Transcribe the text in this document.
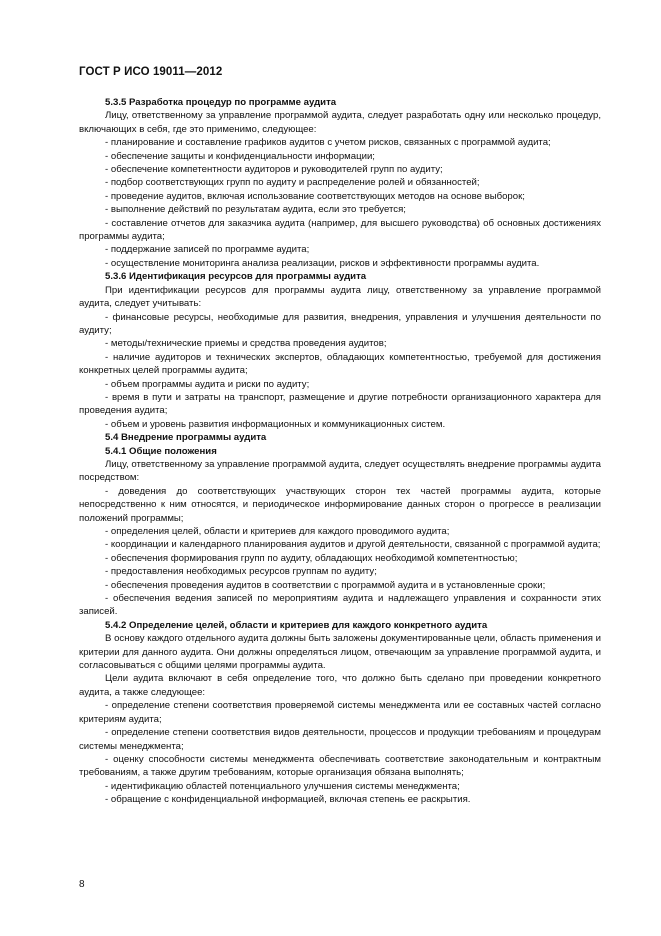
ГОСТ Р ИСО 19011—2012

5.3.5 Разработка процедур по программе аудита

Лицу, ответственному за управление программой аудита, следует разработать одну или несколько процедур, включающих в себя, где это применимо, следующее:

- планирование и составление графиков аудитов с учетом рисков, связанных с программой аудита;

- обеспечение защиты и конфиденциальности информации;

- обеспечение компетентности аудиторов и руководителей групп по аудиту;

- подбор соответствующих групп по аудиту и распределение ролей и обязанностей;

- проведение аудитов, включая использование соответствующих методов на основе выборок;

- выполнение действий по результатам аудита, если это требуется;

- составление отчетов для заказчика аудита (например, для высшего руководства) об основных достижениях программы аудита;

- поддержание записей по программе аудита;

- осуществление мониторинга анализа реализации, рисков и эффективности программы аудита.

5.3.6 Идентификация ресурсов для программы аудита

При идентификации ресурсов для программы аудита лицу, ответственному за управление программой аудита, следует учитывать:

- финансовые ресурсы, необходимые для развития, внедрения, управления и улучшения деятельности по аудиту;

- методы/технические приемы и средства проведения аудитов;

- наличие аудиторов и технических экспертов, обладающих компетентностью, требуемой для достижения конкретных целей программы аудита;

- объем программы аудита и риски по аудиту;

- время в пути и затраты на транспорт, размещение и другие потребности организационного характера для проведения аудита;

- объем и уровень развития информационных и коммуникационных систем.

5.4 Внедрение программы аудита

5.4.1 Общие положения

Лицу, ответственному за управление программой аудита, следует осуществлять внедрение программы аудита посредством:

- доведения до соответствующих участвующих сторон тех частей программы аудита, которые непосредственно к ним относятся, и периодическое информирование данных сторон о прогрессе в реализации положений программы;

- определения целей, области и критериев для каждого проводимого аудита;

- координации и календарного планирования аудитов и другой деятельности, связанной с программой аудита;

- обеспечения формирования групп по аудиту, обладающих необходимой компетентностью;

- предоставления необходимых ресурсов группам по аудиту;

- обеспечения проведения аудитов в соответствии с программой аудита и в установленные сроки;

- обеспечения ведения записей по мероприятиям аудита и надлежащего управления и сохранности этих записей.

5.4.2 Определение целей, области и критериев для каждого конкретного аудита

В основу каждого отдельного аудита должны быть заложены документированные цели, область применения и критерии для данного аудита. Они должны определяться лицом, отвечающим за управление программой аудита, и согласовываться с общими целями программы аудита.

Цели аудита включают в себя определение того, что должно быть сделано при проведении конкретного аудита, а также следующее:

- определение степени соответствия проверяемой системы менеджмента или ее составных частей согласно критериям аудита;

- определение степени соответствия видов деятельности, процессов и продукции требованиям и процедурам системы менеджмента;

- оценку способности системы менеджмента обеспечивать соответствие законодательным и контрактным требованиям, а также другим требованиям, которые организация обязана выполнять;

- идентификацию областей потенциального улучшения системы менеджмента;

- обращение с конфиденциальной информацией, включая степень ее раскрытия.

8
